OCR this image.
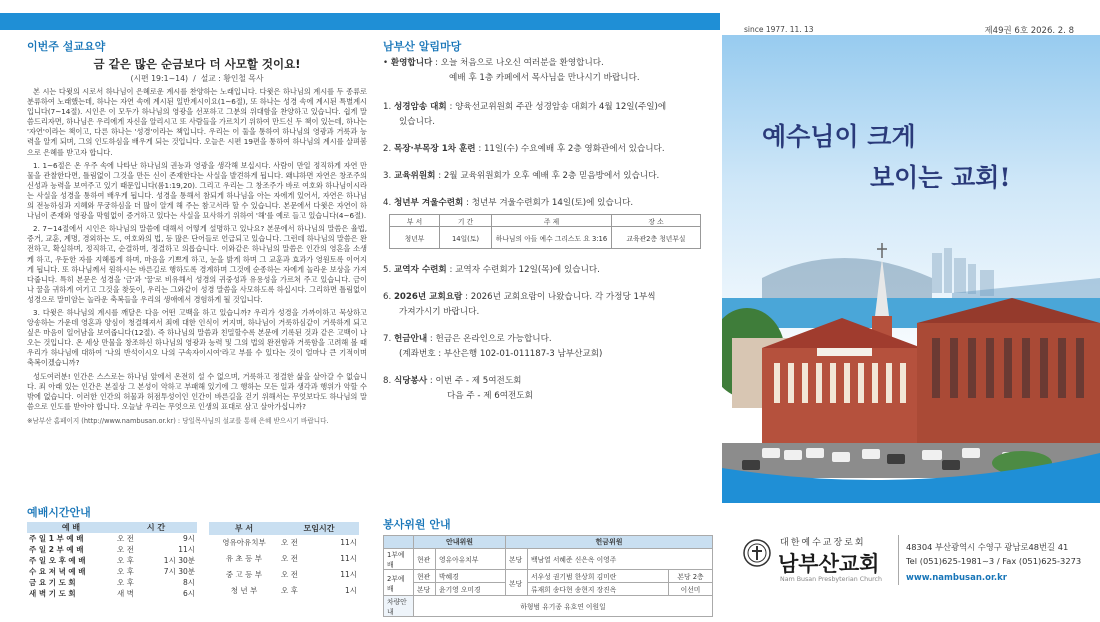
이번주 설교요약
금 같은 많은 순금보다 더 사모할 것이요!
(시편 19:1~14) / 설교 : 황인철 목사

본 시는 다윗의 시로서 하나님이 은혜로운 계시를 찬양하는 노래입니다. 다윗은 하나님의 계시를 두 종류로 분류하여 노래했는데, 하나는 자연 속에 계시된 일반계시이요(1~6절), 또 하나는 성경 속에 계시된 특별계시입니다(7~14절). 시인은 이 모두가 하나님의 영광을 선포하고 그분의 위대함을 찬양하고 있습니다. 쉽게 말씀드리자면, 하나님은 우리에게 자신을 알리시고 또 사람들을 가르치기 위하여 만드신 두 책이 있는데, 하나는 '자연'이라는 책이고, 다른 하나는 '성경'이라는 책입니다. 우리는 이 둘을 통하여 하나님의 영광과 거룩과 능력을 알게 되며, 그의 인도하심을 배우게 되는 것입니다. 오늘은 시편 19편을 통하여 하나님의 계시를 살펴봄으로 은혜를 받고자 합니다.

1. 1~6절은 온 우주 속에 나타난 하나님의 권능과 영광을 생각해 보십시다. 사람이 만일 정직하게 자연 만물을 관찰한다면, 틀림없이 그것을 만든 신이 존재한다는 사실을 발견하게 됩니다. 왜냐하면 자연은 창조주의 신성과 능력을 보여주고 있기 때문입니다(롬1:19,20). 그리고 우리는 그 창조주가 바로 여호와 하나님이시라는 사실을 성경을 통하여 배우게 됩니다. 성경을 통해서 참되게 하나님을 아는 자에게 있어서, 자연은 하나님의 전능하심과 지혜와 무궁하심을 더 많이 알게 해 주는 참고서라 할 수 있습니다. 본문에서 다윗은 자연이 하나님이 존재와 영광을 막힘없이 증거하고 있다는 사실을 묘사하기 위하여 '해'를 예로 들고 있습니다(4~6절).

2. 7~14절에서 시인은 하나님의 말씀에 대해서 어떻게 설명하고 있나요? 본문에서 하나님의 말씀은 율법, 증거, 교훈, 계명, 경외하는 도, 여호와의 법, 등 많은 단어들로 언급되고 있습니다. 그런데 하나님의 말씀은 완전하고, 확실하며, 정직하고, 순결하며, 정결하고 의롭습니다. 이와같은 하나님의 말씀은 인간의 영혼을 소생케 하고, 우둔한 자를 지혜롭게 하며, 마음을 기쁘게 하고, 눈을 밝게 하며 그 교훈과 효과가 영원토록 이어지게 됩니다. 또 하나님께서 원하시는 바른길로 행하도록 경계하며 그것에 순종하는 자에게 놀라운 보상을 가져다줍니다. 특히 본문은 성경을 '금'과 '꿀'로 비유해서 성경의 귀중성과 유용성을 가르쳐 주고 있습니다. 금이나 꿀을 귀하게 여기고 그것을 찾듯이, 우리는 그와같이 성경 말씀을 사모하도록 하십시다. 그리하면 틀림없이 성경으로 말미암는 놀라운 축복들을 우리의 생애에서 경험하게 될 것입니다.

3. 다윗은 하나님의 계시를 깨달은 다음 어떤 고백을 하고 있습니까? 우리가 성경을 가까이하고 묵상하고 앙송하는 가운데 영혼과 양심이 청결해져서 죄에 대한 인식이 커지며, 하나님이 거룩하심같이 거룩하게 되고 싶은 마음이 일어남을 보여줍니다(12절). 즉 하나님의 말씀과 친밀할수록 본문에 기록된 것과 같은 고백이 나오는 것입니다. 온 세상 만물을 창조하신 하나님의 영광과 능력 및 그의 법의 완전함과 거룩함을 고려해 볼 때 우리가 하나님에 대하여 '나의 반석이시오 나의 구속자이시여'라고 부를 수 있다는 것이 얼마나 큰 기적이며 축복이겠습니까?

성도여러분! 인간은 스스로는 하나님 앞에서 온전히 설 수 없으며, 거룩하고 정결한 삶을 살아갈 수 없습니다. 죄 아래 있는 인간은 본질상 그 본성이 악하고 부패해 있기에 그 행하는 모든 일과 생각과 행위가 악할 수밖에 없습니다. 이러한 인간의 허물과 허점투성이인 인간이 바른길을 걷기 위해서는 무엇보다도 하나님의 말씀으로 인도를 받아야 합니다. 오늘날 우리는 무엇으로 인생의 표대로 삼고 살아가십니까?

※남부산 홈페이지 (http://www.nambusan.or.kr) : 당일목사님의 설교를 통해 은혜 받으시기 바랍니다.
예배시간안내
예 배	시 간	
주 일 1 부 예 배	오 전	9시
주 일 2 부 예 배	오 전	11시
주 일 오 후 예 배	오 후	1시 30분
수 요 저 녁 예 배	오 후	7시 30분
금 요 기 도 회	오 후	8시
새 벽 기 도 회	새 벽	6시
부 서	모임시간	
영유아유치부	오 전	11시
유 초 등 부	오 전	11시
중 고 등 부	오 전	11시
청 년 부	오 후	1시
남부산 알림마당
• 환영합니다 : 오늘 처음으로 나오신 여러분을 환영합니다.
예배 후 1층 카페에서 목사님을 만나시기 바랍니다.
1. 성경암송 대회 : 양육선교위원회 주관 성경암송 대회가 4월 12일(주일)에
있습니다.
2. 목장·부목장 1차 훈련 : 11일(수) 수요예배 후 2층 영화관에서 있습니다.
3. 교육위원회 : 2월 교육위원회가 오후 예배 후 2층 믿음방에서 있습니다.
4. 청년부 겨울수련회 : 청년부 겨울수련회가 14일(토)에 있습니다.
부 서	기 간	주 제	장 소
청년부	14일(토)	하나님의 아들 예수 그리스도 요 3:16	교육관2층 청년부실
5. 교역자 수련회 : 교역자 수련회가 12일(목)에 있습니다.
6. 2026년 교회요람 : 2026년 교회요람이 나왔습니다. 각 가정당 1부씩
가져가시기 바랍니다.
7. 헌금안내 : 헌금은 온라인으로 가능합니다.
(계좌번호 : 부산은행 102-01-011187-3 남부산교회)
8. 식당봉사 : 이번 주 - 제 5여전도회
다음 주 - 제 6여전도회
봉사위원 안내
	안내위원		헌금위원		
1부예배	현관	영유아유치부	본당	백남열 서혜준 신은옥 이영주	
2부예배	현관	박혜경	본당	서우성 권기범 한상희 김미란	본당 2층
	본당	윤기영 오미경		류재희 송다현 송현지 장진옥	이선미
차량안내	하형범 유기종 유호연 이원일				
since 1977. 11. 13	제49권 6호 2026. 2. 8
예수님이 크게
보이는 교회!
대한예수교장로회
남부산교회
Nam Busan Presbyterian Church
48304 부산광역시 수영구 광남로48번길 41
Tel (051)625-1981~3 / Fax (051)625-3273
www.nambusan.or.kr
